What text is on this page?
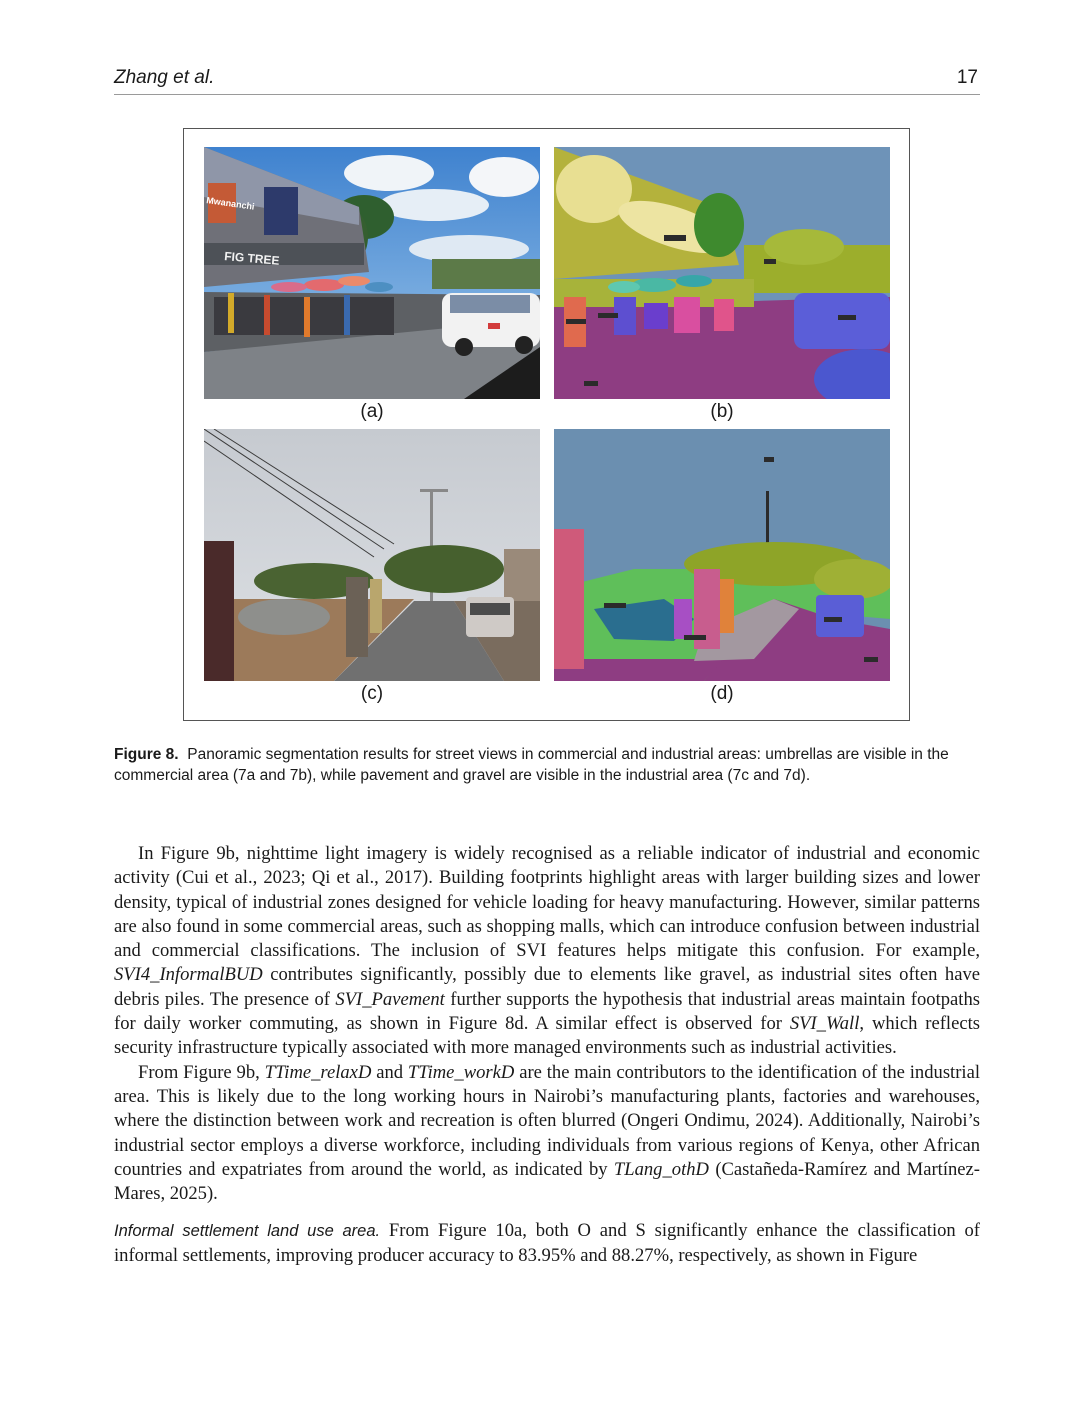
Zhang et al.	17
Mwananchi
FIG TREE
(a)	(b)
(c)	(d)
Figure 8. Panoramic segmentation results for street views in commercial and industrial areas: umbrellas are visible in the commercial area (7a and 7b), while pavement and gravel are visible in the industrial area (7c and 7d).

In Figure 9b, nighttime light imagery is widely recognised as a reliable indicator of industrial and economic activity (Cui et al., 2023; Qi et al., 2017). Building footprints highlight areas with larger building sizes and lower density, typical of industrial zones designed for vehicle loading for heavy manufacturing. However, similar patterns are also found in some commercial areas, such as shopping malls, which can introduce confusion between industrial and commercial classifications. The inclusion of SVI features helps mitigate this confusion. For example, SVI4_InformalBUD contributes significantly, possibly due to elements like gravel, as industrial sites often have debris piles. The presence of SVI_Pavement further supports the hypothesis that industrial areas maintain footpaths for daily worker commuting, as shown in Figure 8d. A similar effect is observed for SVI_Wall, which reflects security infrastructure typically associated with more managed environments such as industrial activities.

From Figure 9b, TTime_relaxD and TTime_workD are the main contributors to the identification of the industrial area. This is likely due to the long working hours in Nairobi’s manufacturing plants, factories and warehouses, where the distinction between work and recreation is often blurred (Ongeri Ondimu, 2024). Additionally, Nairobi’s industrial sector employs a diverse workforce, including individuals from various regions of Kenya, other African countries and expatriates from around the world, as indicated by TLang_othD (Castañeda-Ramírez and Martínez-Mares, 2025).

Informal settlement land use area. From Figure 10a, both O and S significantly enhance the classification of informal settlements, improving producer accuracy to 83.95% and 88.27%, respectively, as shown in Figure
